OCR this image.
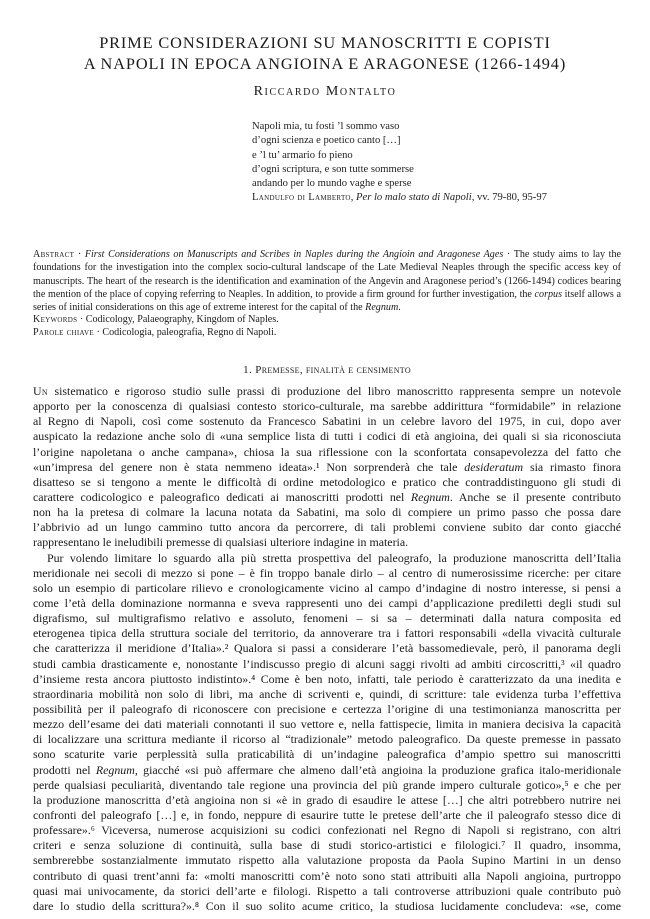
PRIME CONSIDERAZIONI SU MANOSCRITTI E COPISTI
A NAPOLI IN EPOCA ANGIOINA E ARAGONESE (1266-1494)
Riccardo Montalto
Napoli mia, tu fosti ’l sommo vaso
d’ogni scienza e poetico canto […]
e ’l tu’ armario fo pieno
d’ogni scriptura, e son tutte sommerse
andando per lo mundo vaghe e sperse
Landulfo di Lamberto, Per lo malo stato di Napoli, vv. 79-80, 95-97
Abstract · First Considerations on Manuscripts and Scribes in Naples during the Angioin and Aragonese Ages · The study aims to lay the foundations for the investigation into the complex socio-cultural landscape of the Late Medieval Neaples through the specific access key of manuscripts. The heart of the research is the identification and examination of the Angevin and Aragonese period’s (1266-1494) codices bearing the mention of the place of copying referring to Neaples. In addition, to provide a firm ground for further investigation, the corpus itself allows a series of initial considerations on this age of extreme interest for the capital of the Regnum.
Keywords · Codicology, Palaeography, Kingdom of Naples.
Parole chiave · Codicologia, paleografia, Regno di Napoli.
1. Premesse, finalità e censimento
Un sistematico e rigoroso studio sulle prassi di produzione del libro manoscritto rappresenta sempre un notevole
apporto per la conoscenza di qualsiasi contesto storico-culturale, ma sarebbe addirittura “formidabile” in relazione
al Regno di Napoli, così come sostenuto da Francesco Sabatini in un celebre lavoro del 1975, in cui, dopo aver
auspicato la redazione anche solo di «una semplice lista di tutti i codici di età angioina, dei quali si sia riconosciuta
l’origine napoletana o anche campana», chiosa la sua riflessione con la sconfortata consapevolezza del fatto che
«un’impresa del genere non è stata nemmeno ideata».¹ Non sorprenderà che tale desideratum sia rimasto finora
disatteso se si tengono a mente le difficoltà di ordine metodologico e pratico che contraddistinguono gli studi di
carattere codicologico e paleografico dedicati ai manoscritti prodotti nel Regnum. Anche se il presente contributo
non ha la pretesa di colmare la lacuna notata da Sabatini, ma solo di compiere un primo passo che possa dare
l’abbrivio ad un lungo cammino tutto ancora da percorrere, di tali problemi conviene subito dar conto giacché
rappresentano le ineludibili premesse di qualsiasi ulteriore indagine in materia.
Pur volendo limitare lo sguardo alla più stretta prospettiva del paleografo, la produzione manoscritta dell’Italia
meridionale nei secoli di mezzo si pone – è fin troppo banale dirlo – al centro di numerosissime ricerche: per citare
solo un esempio di particolare rilievo e cronologicamente vicino al campo d’indagine di nostro interesse, si pensi a
come l’età della dominazione normanna e sveva rappresenti uno dei campi d’applicazione prediletti degli studi sul
digrafismo, sul multigrafismo relativo e assoluto, fenomeni – si sa – determinati dalla natura composita ed
eterogenea tipica della struttura sociale del territorio, da annoverare tra i fattori responsabili «della vivacità culturale
che caratterizza il meridione d’Italia».² Qualora si passi a considerare l’età bassomedievale, però, il panorama degli
studi cambia drasticamente e, nonostante l’indiscusso pregio di alcuni saggi rivolti ad ambiti circoscritti,³ «il quadro
d’insieme resta ancora piuttosto indistinto».⁴ Come è ben noto, infatti, tale periodo è caratterizzato da una inedita e
straordinaria mobilità non solo di libri, ma anche di scriventi e, quindi, di scritture: tale evidenza turba l’effettiva
possibilità per il paleografo di riconoscere con precisione e certezza l’origine di una testimonianza manoscritta per
mezzo dell’esame dei dati materiali connotanti il suo vettore e, nella fattispecie, limita in maniera decisiva la capacità
di localizzare una scrittura mediante il ricorso al “tradizionale” metodo paleografico. Da queste premesse in passato
sono scaturite varie perplessità sulla praticabilità di un’indagine paleografica d’ampio spettro sui manoscritti
prodotti nel Regnum, giacché «si può affermare che almeno dall’età angioina la produzione grafica italo-meridionale
perde qualsiasi peculiarità, diventando tale regione una provincia del più grande impero culturale gotico»,⁵ e che per
la produzione manoscritta d’età angioina non si «è in grado di esaudire le attese […] che altri potrebbero nutrire nei
confronti del paleografo […] e, in fondo, neppure di esaurire tutte le pretese dell’arte che il paleografo stesso dice di
professare».⁶ Viceversa, numerose acquisizioni su codici confezionati nel Regno di Napoli si registrano, con altri
criteri e senza soluzione di continuità, sulla base di studi storico-artistici e filologici.⁷ Il quadro, insomma,
sembrerebbe sostanzialmente immutato rispetto alla valutazione proposta da Paola Supino Martini in un denso
contributo di quasi trent’anni fa: «molti manoscritti com’è noto sono stati attribuiti alla Napoli angioina, purtroppo
quasi mai univocamente, da storici dell’arte e filologi. Rispetto a tali controverse attribuzioni quale contributo può
dare lo studio della scrittura?».⁸ Con il suo solito acume critico, la studiosa lucidamente concludeva: «se, come
